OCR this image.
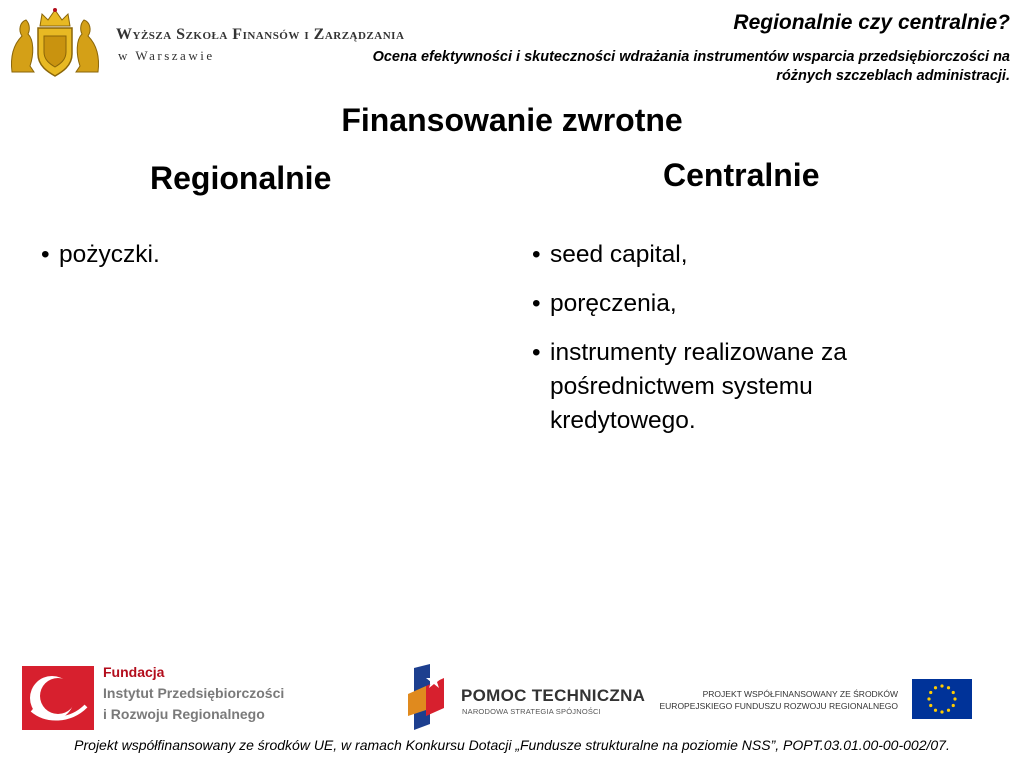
Wyższa Szkoła Finansów i Zarządzania
w Warszawie
Regionalnie czy centralnie?
Ocena efektywności i skuteczności wdrażania instrumentów wsparcia przedsiębiorczości na różnych szczeblach administracji.
Finansowanie zwrotne
Regionalnie	Centralnie
• pożyczki.
•	seed capital,
• poręczenia,
• instrumenty realizowane za pośrednictwem systemu kredytowego.
Fundacja
Instytut Przedsiębiorczości
i Rozwoju Regionalnego
POMOC TECHNICZNA
NARODOWA STRATEGIA SPÓJNOŚCI
PROJEKT WSPÓŁFINANSOWANY ZE ŚRODKÓW
EUROPEJSKIEGO FUNDUSZU ROZWOJU REGIONALNEGO
Projekt współfinansowany ze środków UE, w ramach Konkursu Dotacji „Fundusze strukturalne na poziomie NSS”, POPT.03.01.00-00-002/07.
